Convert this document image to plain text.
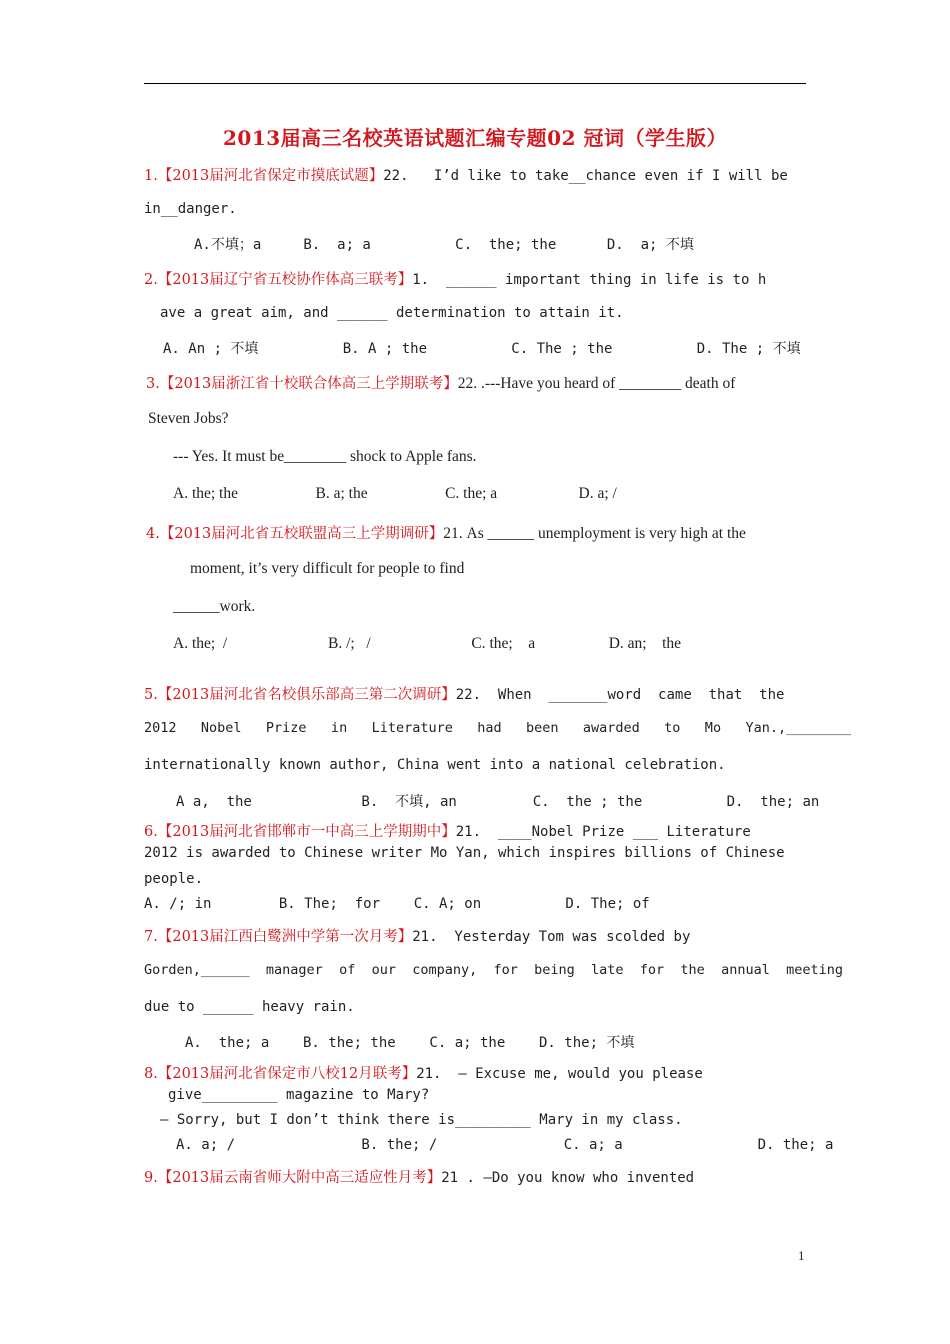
2013届高三名校英语试题汇编专题02 冠词（学生版）
1.【2013届河北省保定市摸底试题】22.   I’d like to take__chance even if I will be
in__danger.
A.不填；a     B.  a; a          C.  the; the      D.  a; 不填
2.【2013届辽宁省五校协作体高三联考】1.  ______ important thing in life is to h
ave a great aim, and ______ determination to attain it.
A. An ; 不填          B. A ; the          C. The ; the          D. The ; 不填
3.【2013届浙江省十校联合体高三上学期联考】22. .---Have you heard of ________ death of
Steven Jobs?
--- Yes. It must be________ shock to Apple fans.
A. the; the                    B. a; the                    C. the; a                     D. a; /
4.【2013届河北省五校联盟高三上学期调研】21. As ______ unemployment is very high at the
moment, it’s very difficult for people to find
______work.
A. the;  /                          B. /;   /                          C. the;    a                   D. an;    the
5.【2013届河北省名校俱乐部高三第二次调研】22.  When  _______word  came  that  the
2012   Nobel   Prize   in   Literature   had   been   awarded   to   Mo   Yan.,________
internationally known author, China went into a national celebration.
A a,  the             B.  不填, an         C.  the ; the          D.  the; an
6.【2013届河北省邯郸市一中高三上学期期中】21.  ____Nobel Prize ___ Literature
2012 is awarded to Chinese writer Mo Yan, which inspires billions of Chinese
people.
A. /; in        B. The;  for    C. A; on          D. The; of
7.【2013届江西白鹭洲中学第一次月考】21.  Yesterday Tom was scolded by
Gorden,______  manager  of  our  company,  for  being  late  for  the  annual  meeting
due to ______ heavy rain.
A.  the; a    B. the; the    C. a; the    D. the; 不填
8.【2013届河北省保定市八校12月联考】21.  — Excuse me, would you please
give_________ magazine to Mary?
— Sorry, but I don’t think there is_________ Mary in my class.
A. a; /               B. the; /               C. a; a                D. the; a
9.【2013届云南省师大附中高三适应性月考】21 . —Do you know who invented
1
